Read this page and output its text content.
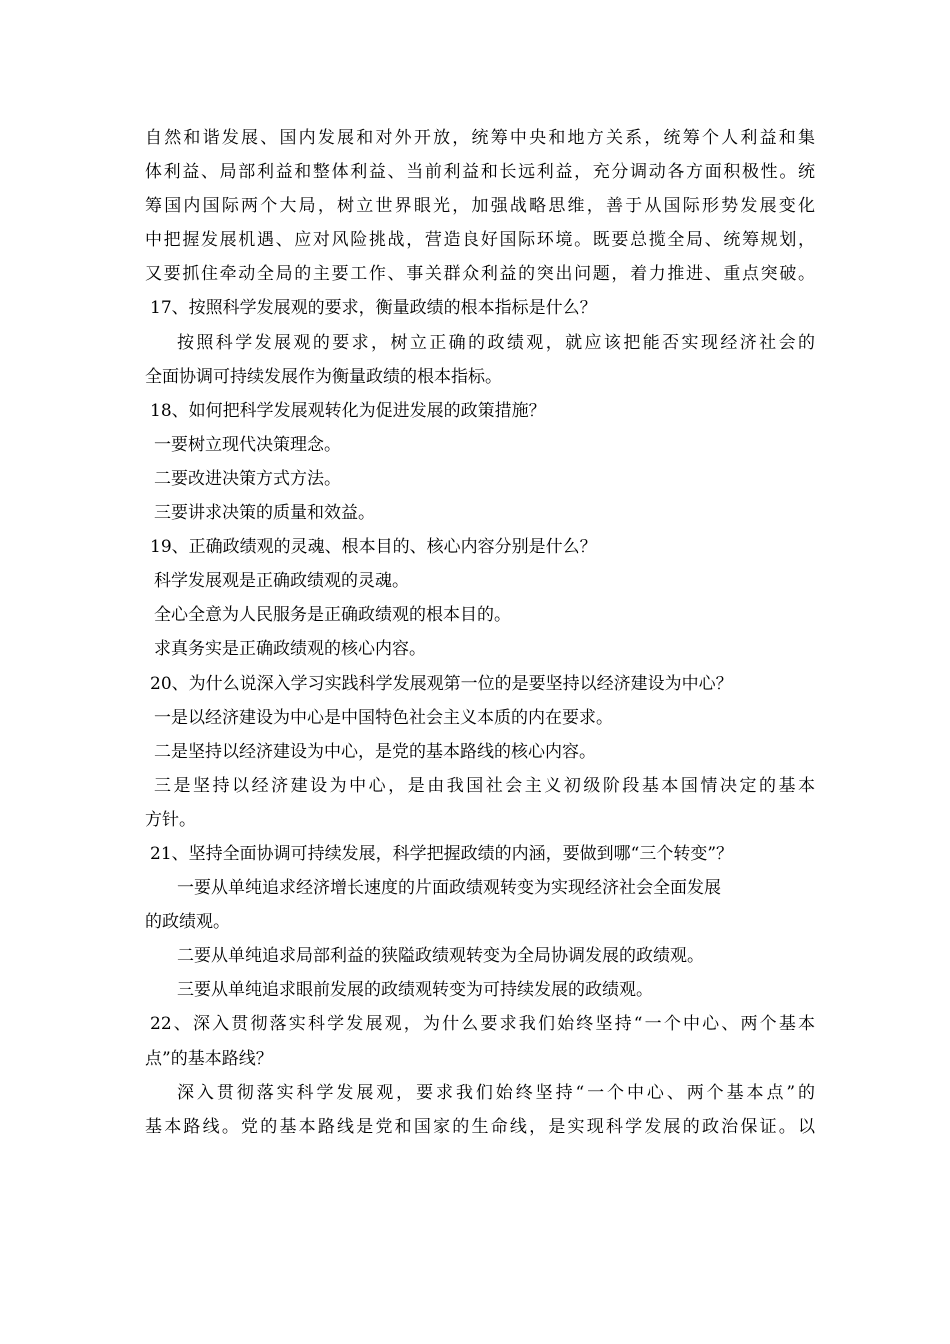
自然和谐发展、国内发展和对外开放，统筹中央和地方关系，统筹个人利益和集
体利益、局部利益和整体利益、当前利益和长远利益，充分调动各方面积极性。统
筹国内国际两个大局，树立世界眼光，加强战略思维，善于从国际形势发展变化
中把握发展机遇、应对风险挑战，营造良好国际环境。既要总揽全局、统筹规划，
又要抓住牵动全局的主要工作、事关群众利益的突出问题，着力推进、重点突破。
17、按照科学发展观的要求，衡量政绩的根本指标是什么？
按照科学发展观的要求，树立正确的政绩观，就应该把能否实现经济社会的
全面协调可持续发展作为衡量政绩的根本指标。
18、如何把科学发展观转化为促进发展的政策措施？
一要树立现代决策理念。
二要改进决策方式方法。
三要讲求决策的质量和效益。
19、正确政绩观的灵魂、根本目的、核心内容分别是什么？
科学发展观是正确政绩观的灵魂。
全心全意为人民服务是正确政绩观的根本目的。
求真务实是正确政绩观的核心内容。
20、为什么说深入学习实践科学发展观第一位的是要坚持以经济建设为中心？
一是以经济建设为中心是中国特色社会主义本质的内在要求。
二是坚持以经济建设为中心，是党的基本路线的核心内容。
三是坚持以经济建设为中心，是由我国社会主义初级阶段基本国情决定的基本
方针。
21、坚持全面协调可持续发展，科学把握政绩的内涵，要做到哪“三个转变”？
一要从单纯追求经济增长速度的片面政绩观转变为实现经济社会全面发展
的政绩观。
二要从单纯追求局部利益的狭隘政绩观转变为全局协调发展的政绩观。
三要从单纯追求眼前发展的政绩观转变为可持续发展的政绩观。
22、深入贯彻落实科学发展观，为什么要求我们始终坚持“一个中心、两个基本
点”的基本路线？
深入贯彻落实科学发展观，要求我们始终坚持“一个中心、两个基本点”的
基本路线。党的基本路线是党和国家的生命线，是实现科学发展的政治保证。以
